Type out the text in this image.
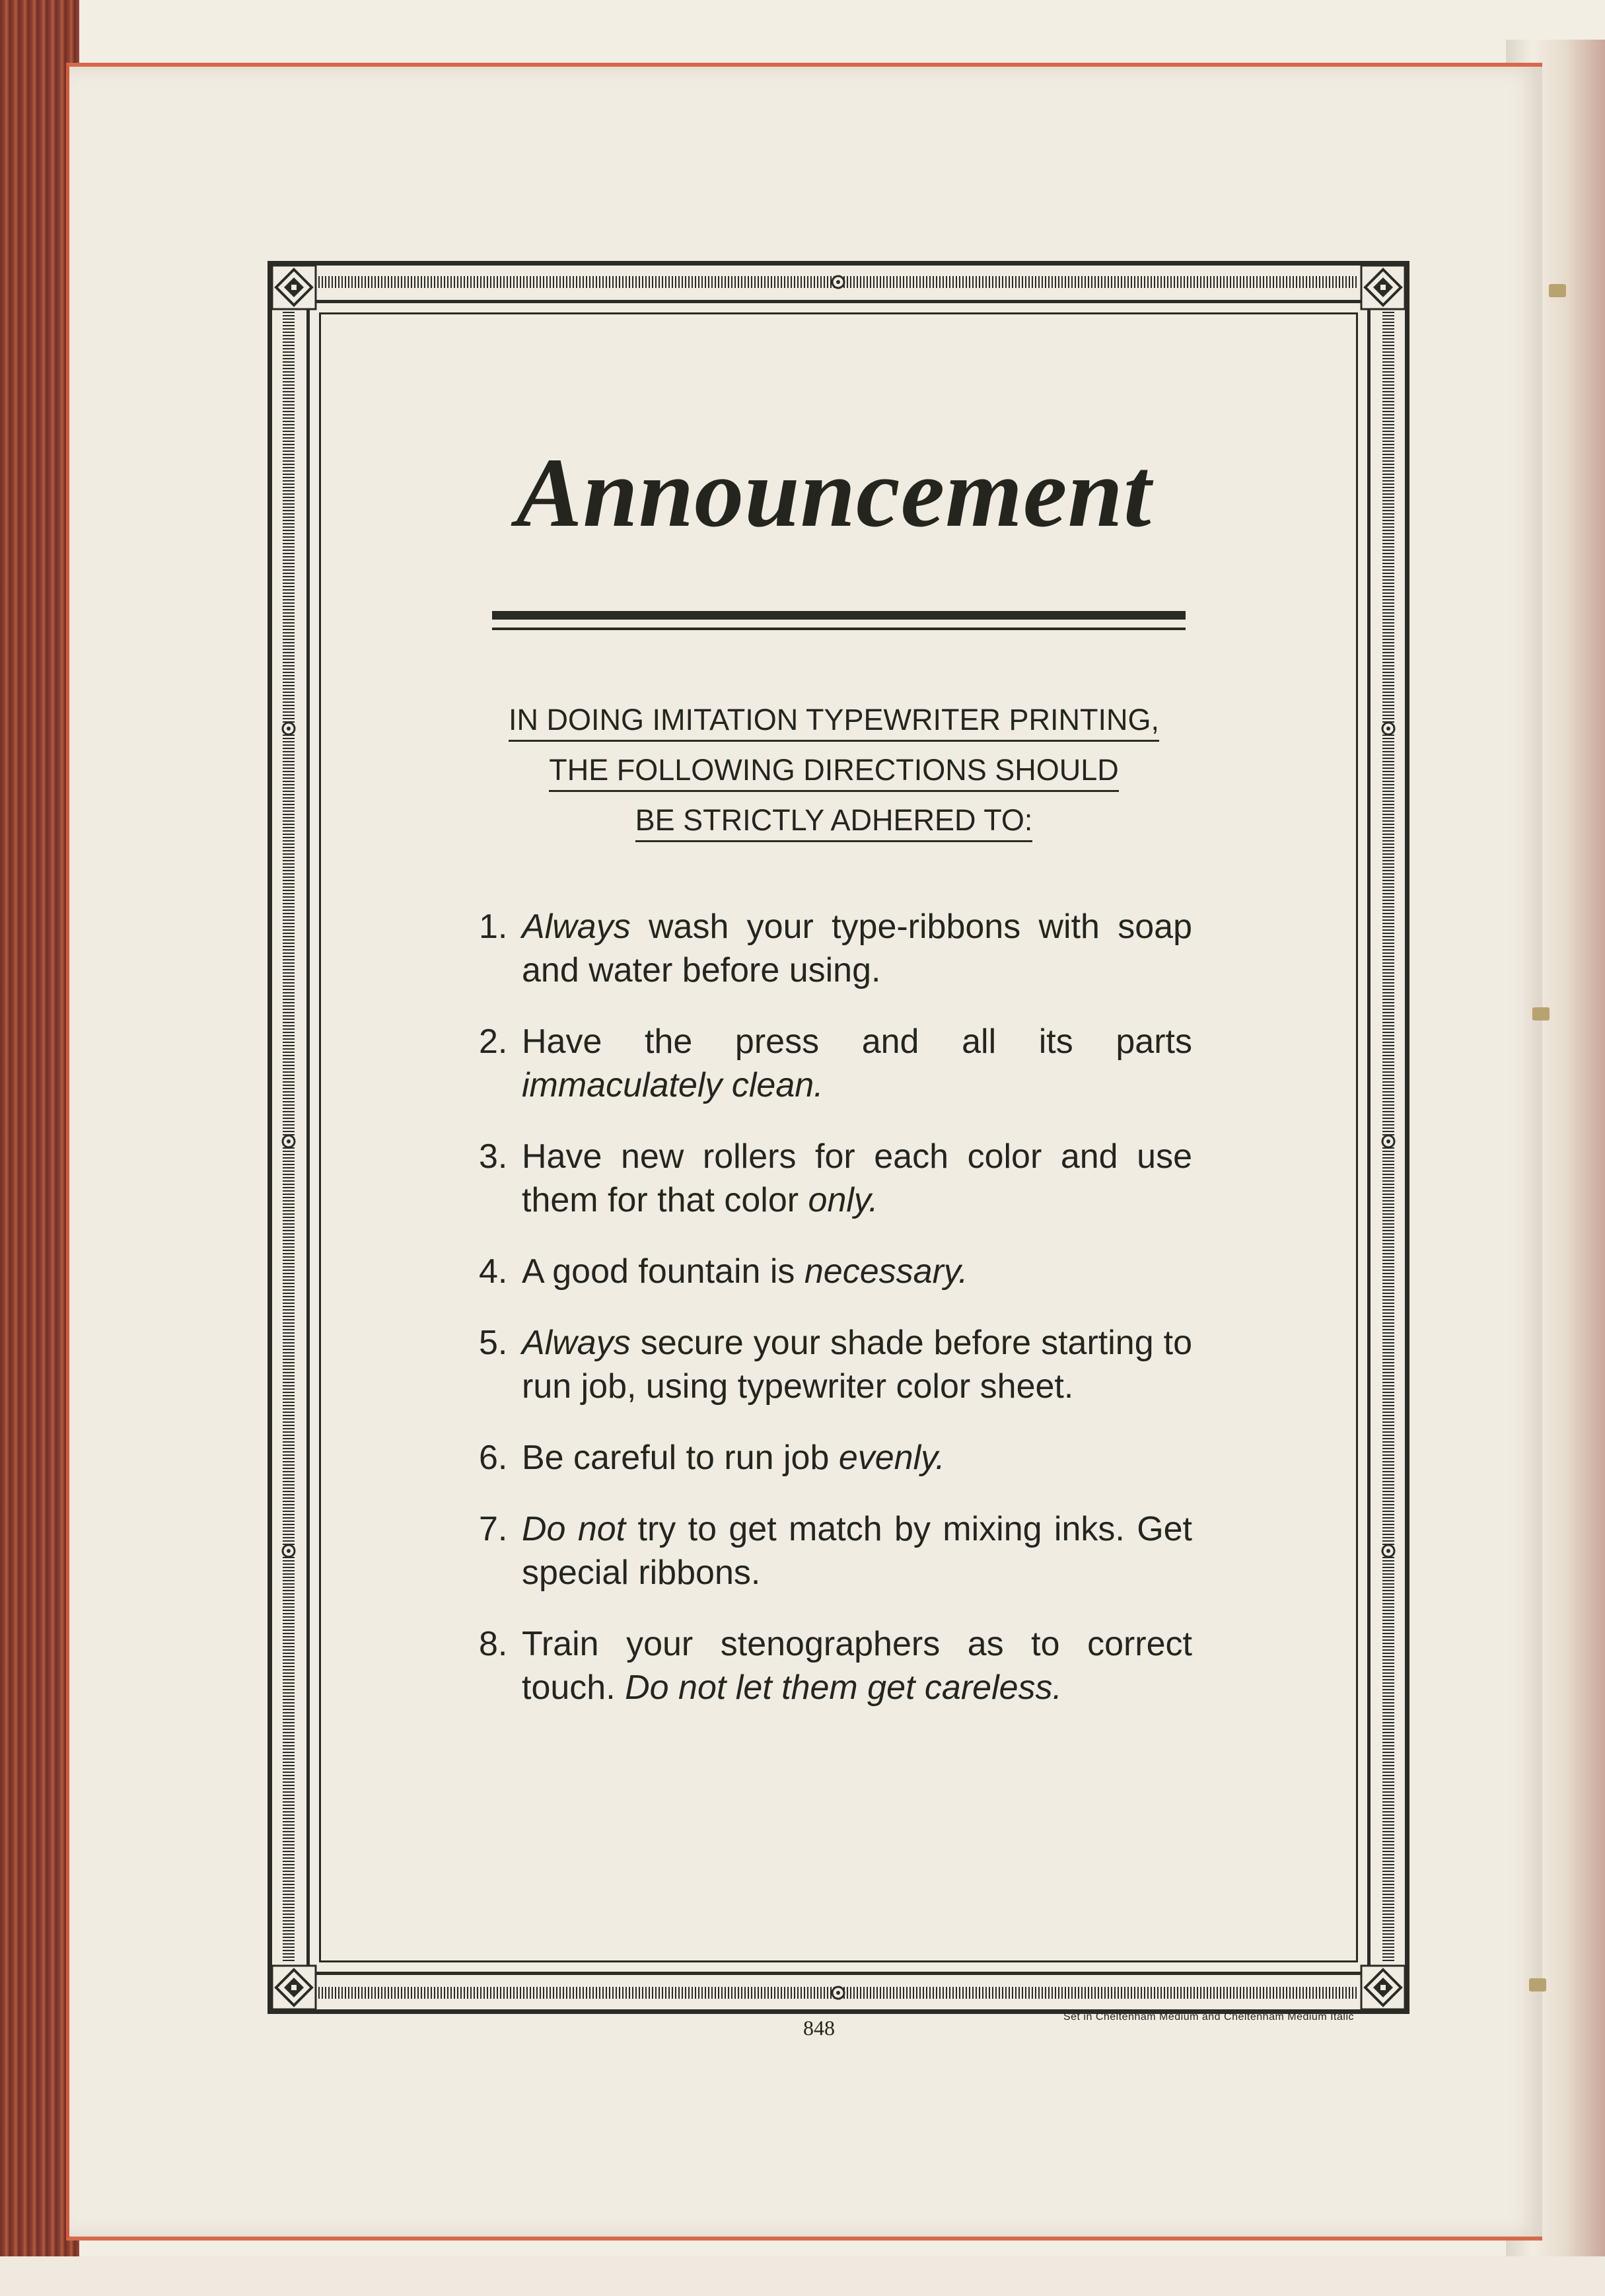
Announcement
IN DOING IMITATION TYPEWRITER PRINTING,
THE FOLLOWING DIRECTIONS SHOULD
BE STRICTLY ADHERED TO:
1. Always wash your type-ribbons with soap and water before using.
2. Have the press and all its parts immaculately clean.
3. Have new rollers for each color and use them for that color only.
4. A good fountain is necessary.
5. Always secure your shade before starting to run job, using typewriter color sheet.
6. Be careful to run job evenly.
7. Do not try to get match by mixing inks. Get special ribbons.
8. Train your stenographers as to correct touch. Do not let them get careless.
848	Set in Cheltenham Medium and Cheltenham Medium Italic
